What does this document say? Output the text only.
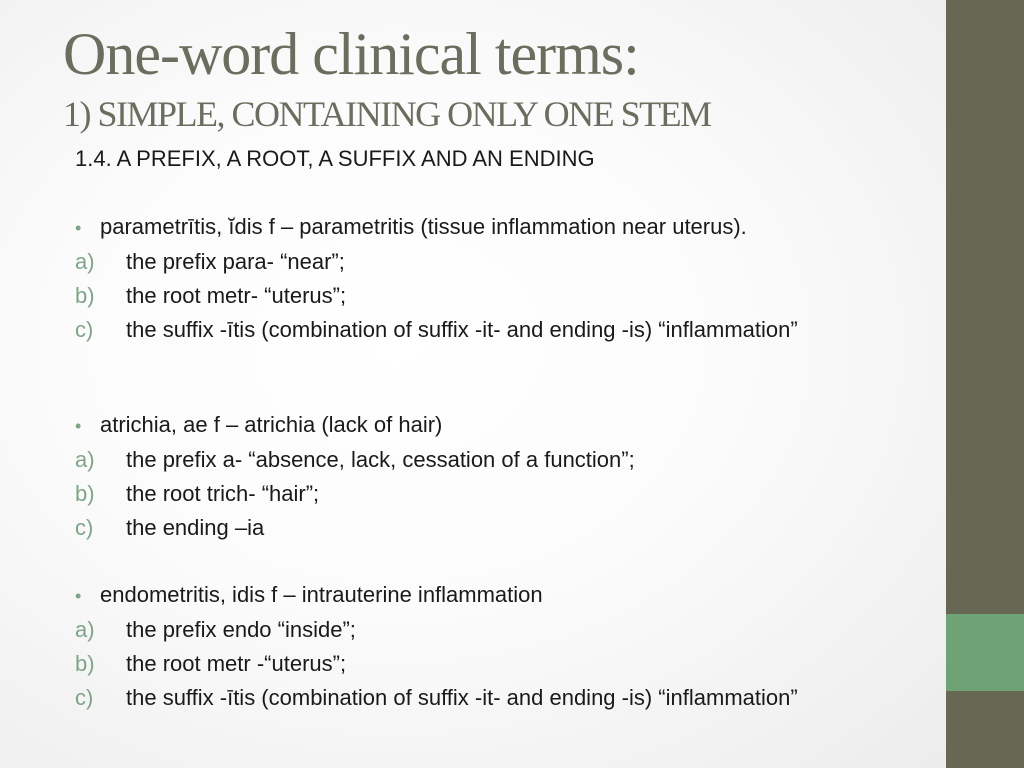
One-word clinical terms:
1) SIMPLE, CONTAINING ONLY ONE STEM
1.4. A PREFIX, A ROOT, A SUFFIX AND AN ENDING
• parametrītis, ĭdis f – parametritis (tissue inflammation near uterus).
a) the prefix para- “near”;
b) the root metr- “uterus”;
c) the suffix -ītis (combination of suffix -it- and ending -is) “inflammation”
• atrichia, ae f – atrichia (lack of hair)
a) the prefix a- “absence, lack, cessation of a function”;
b) the root trich- “hair”;
c) the ending –ia
• endometritis, idis f – intrauterine inflammation
a) the prefix endo “inside”;
b) the root metr -“uterus”;
c) the suffix -ītis (combination of suffix -it- and ending -is) “inflammation”
